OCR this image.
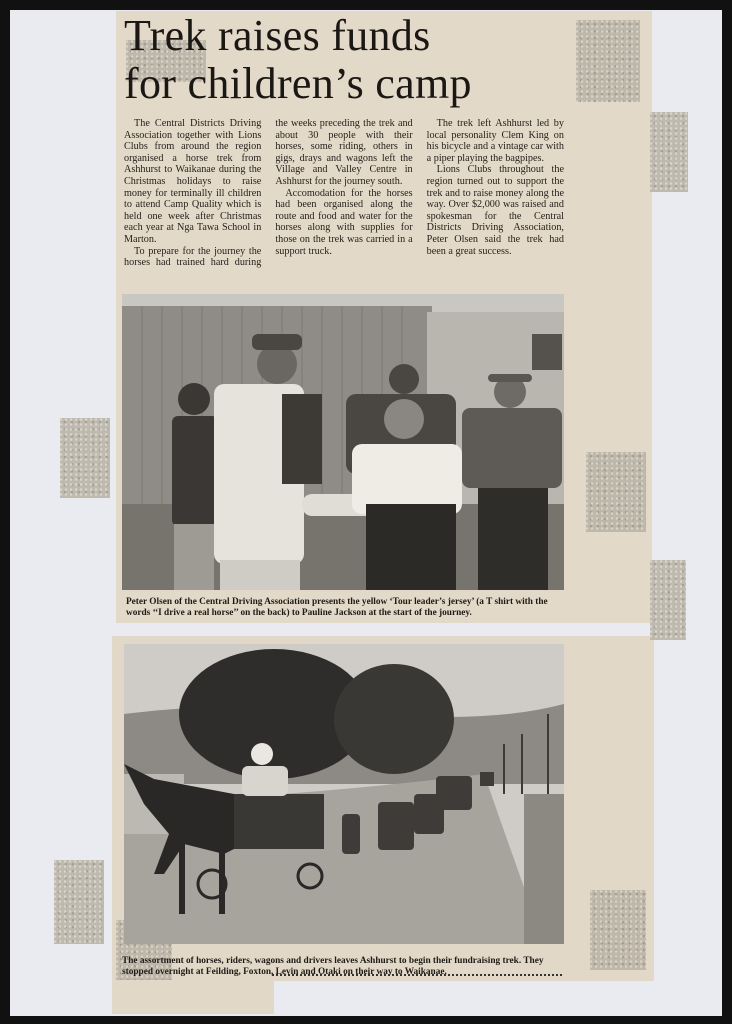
Trek raises funds
for children’s camp

The Central Districts Driving Association together with Lions Clubs from around the region organised a horse trek from Ashhurst to Waikanae during the Christmas holidays to raise money for terminally ill children to attend Camp Quality which is held one week after Christmas each year at Nga Tawa School in Marton.

To prepare for the journey the horses had trained hard during the weeks preceding the trek and about 30 people with their horses, some riding, others in gigs, drays and wagons left the Village and Valley Centre in Ashhurst for the journey south.

Accomodation for the horses had been organised along the route and food and water for the horses along with supplies for those on the trek was carried in a support truck.

The trek left Ashhurst led by local personality Clem King on his bicycle and a vintage car with a piper playing the bagpipes.

Lions Clubs throughout the region turned out to support the trek and to raise money along the way. Over $2,000 was raised and spokesman for the Central Districts Driving Association, Peter Olsen said the trek had been a great success.

Peter Olsen of the Central Driving Association presents the yellow ‘Tour leader’s jersey’ (a T shirt with the words ‘‘I drive a real horse’’ on the back) to Pauline Jackson at the start of the journey.

The assortment of horses, riders, wagons and drivers leaves Ashhurst to begin their fundraising trek. They stopped overnight at Feilding, Foxton, Levin and Otaki on their way to Waikanae.
